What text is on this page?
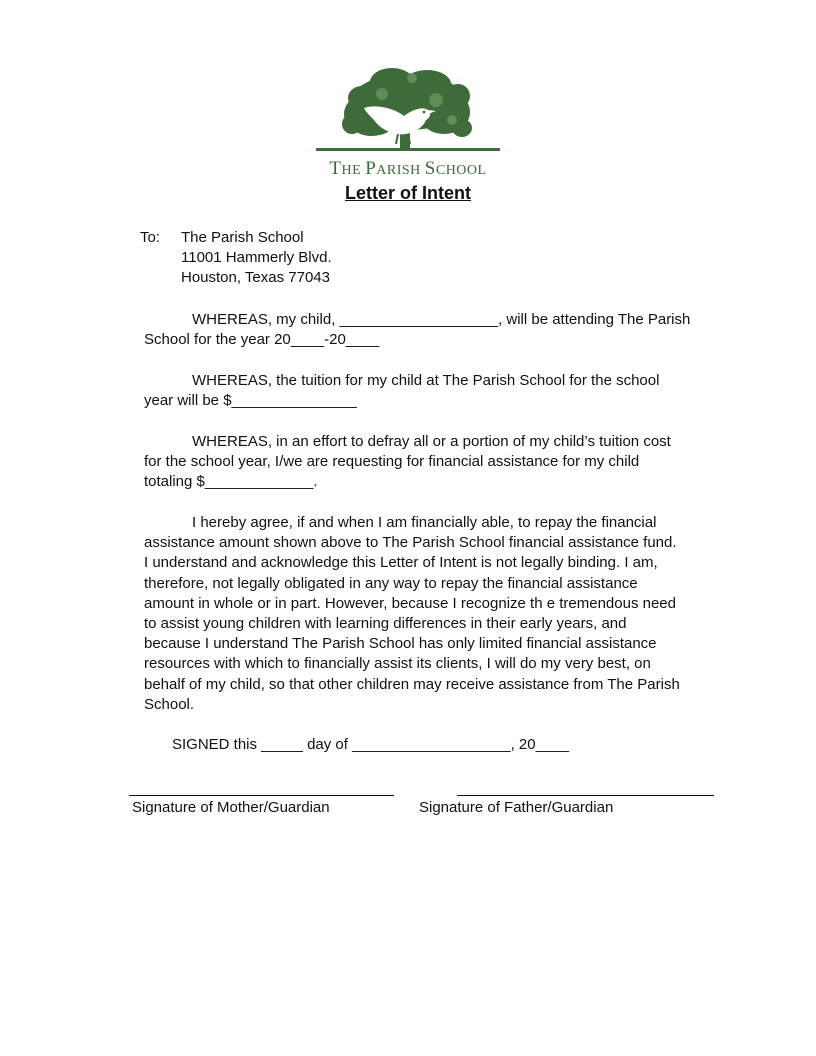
THE PARISH SCHOOL
Letter of Intent
To: The Parish School
11001 Hammerly Blvd.
Houston, Texas 77043
WHEREAS, my child, ___________________, will be attending The Parish
School for the year 20____-20____
WHEREAS, the tuition for my child at The Parish School for the school
year will be $_______________
WHEREAS, in an effort to defray all or a portion of my child’s tuition cost
for the school year, I/we are requesting for financial assistance for my child
totaling $_____________.
I hereby agree, if and when I am financially able, to repay the financial
assistance amount shown above to The Parish School financial assistance fund.
I understand and acknowledge this Letter of Intent is not legally binding. I am,
therefore, not legally obligated in any way to repay the financial assistance
amount in whole or in part. However, because I recognize th e tremendous need
to assist young children with learning differences in their early years, and
because I understand The Parish School has only limited financial assistance
resources with which to financially assist its clients, I will do my very best, on
behalf of my child, so that other children may receive assistance from The Parish
School.
SIGNED this _____ day of ___________________, 20____
Signature of Mother/Guardian	Signature of Father/Guardian
